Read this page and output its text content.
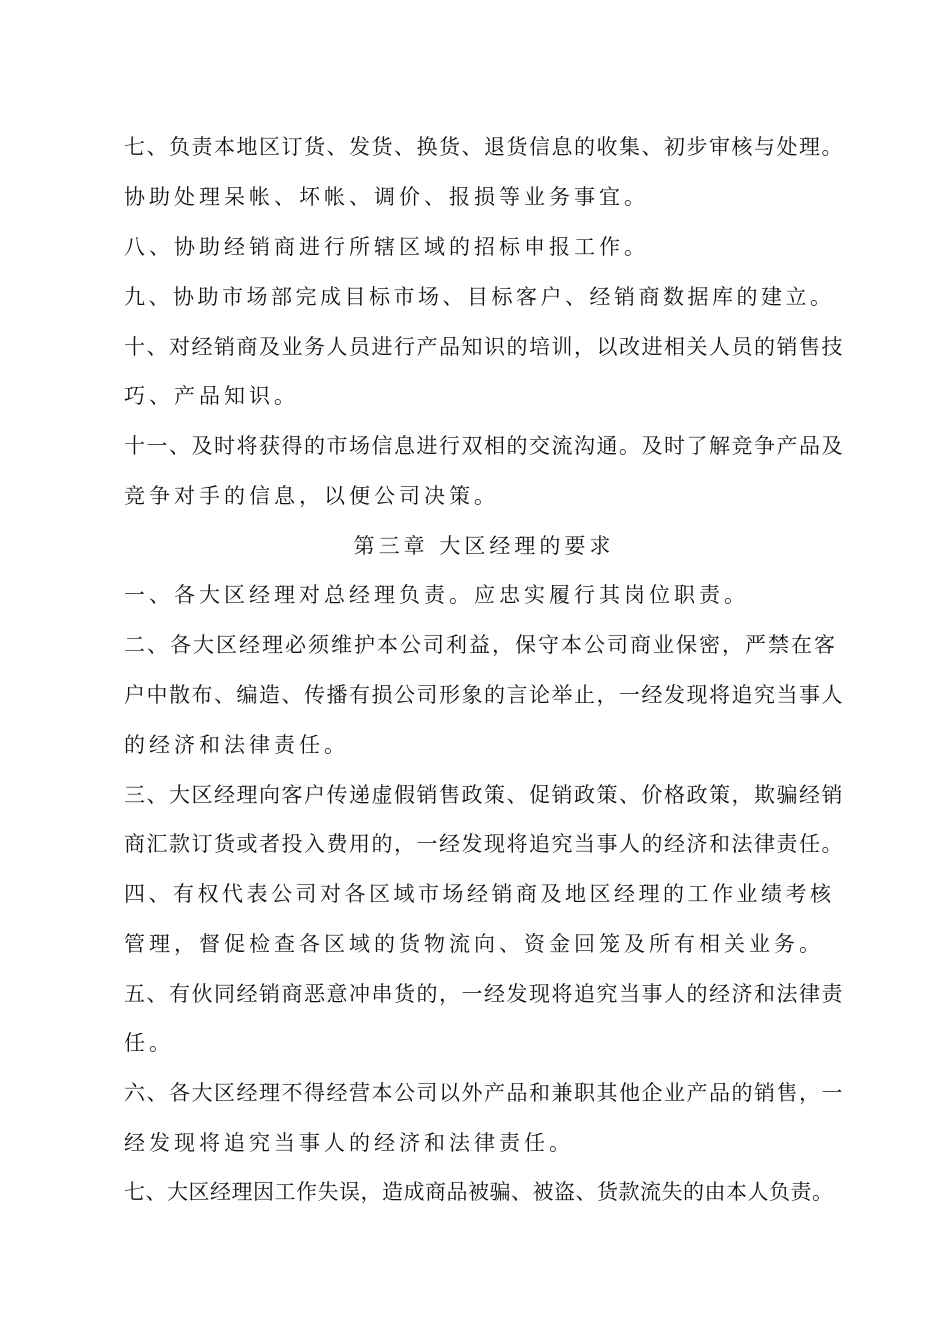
七、负责本地区订货、发货、换货、退货信息的收集、初步审核与处理。
协助处理呆帐、坏帐、调价、报损等业务事宜。
八、协助经销商进行所辖区域的招标申报工作。
九、协助市场部完成目标市场、目标客户、经销商数据库的建立。
十、对经销商及业务人员进行产品知识的培训，以改进相关人员的销售技
巧、产品知识。
十一、及时将获得的市场信息进行双相的交流沟通。及时了解竞争产品及
竞争对手的信息，以便公司决策。
第三章 大区经理的要求
一、各大区经理对总经理负责。应忠实履行其岗位职责。
二、各大区经理必须维护本公司利益，保守本公司商业保密，严禁在客
户中散布、编造、传播有损公司形象的言论举止，一经发现将追究当事人
的经济和法律责任。
三、大区经理向客户传递虚假销售政策、促销政策、价格政策，欺骗经销
商汇款订货或者投入费用的，一经发现将追究当事人的经济和法律责任。
四、有权代表公司对各区域市场经销商及地区经理的工作业绩考核
管理，督促检查各区域的货物流向、资金回笼及所有相关业务。
五、有伙同经销商恶意冲串货的，一经发现将追究当事人的经济和法律责
任。
六、各大区经理不得经营本公司以外产品和兼职其他企业产品的销售，一
经发现将追究当事人的经济和法律责任。
七、大区经理因工作失误，造成商品被骗、被盗、货款流失的由本人负责。
